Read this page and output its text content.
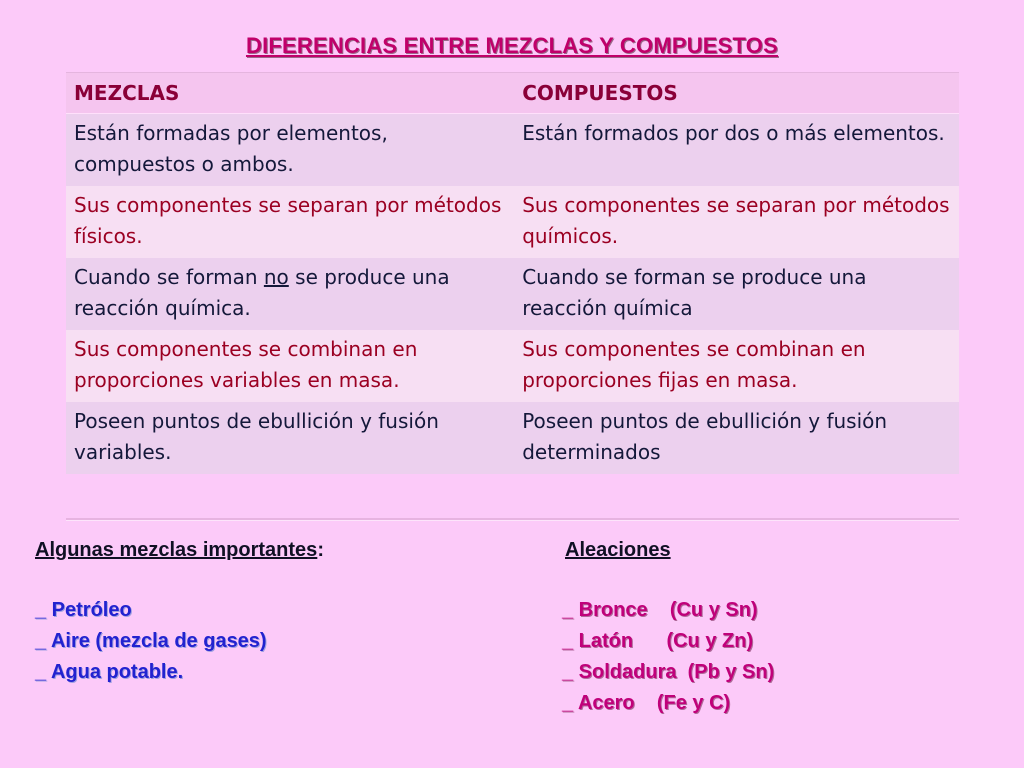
DIFERENCIAS ENTRE MEZCLAS Y COMPUESTOS
MEZCLAS	COMPUESTOS
Están formadas por elementos, compuestos o ambos.	Están formados por dos o más elementos.
Sus componentes se separan por métodos físicos.	Sus componentes se separan por métodos químicos.
Cuando se forman no se produce una reacción química.	Cuando se forman se produce una reacción química
Sus componentes se combinan en proporciones variables en masa.	Sus componentes se combinan en proporciones fijas en masa.
Poseen puntos de ebullición y fusión variables.	Poseen puntos de ebullición y fusión determinados
Algunas mezclas importantes:
_ Petróleo
_ Aire (mezcla de gases)
_ Agua potable.
Aleaciones
_ Bronce    (Cu y Sn)
_ Latón      (Cu y Zn)
_ Soldadura  (Pb y Sn)
_ Acero    (Fe y C)
